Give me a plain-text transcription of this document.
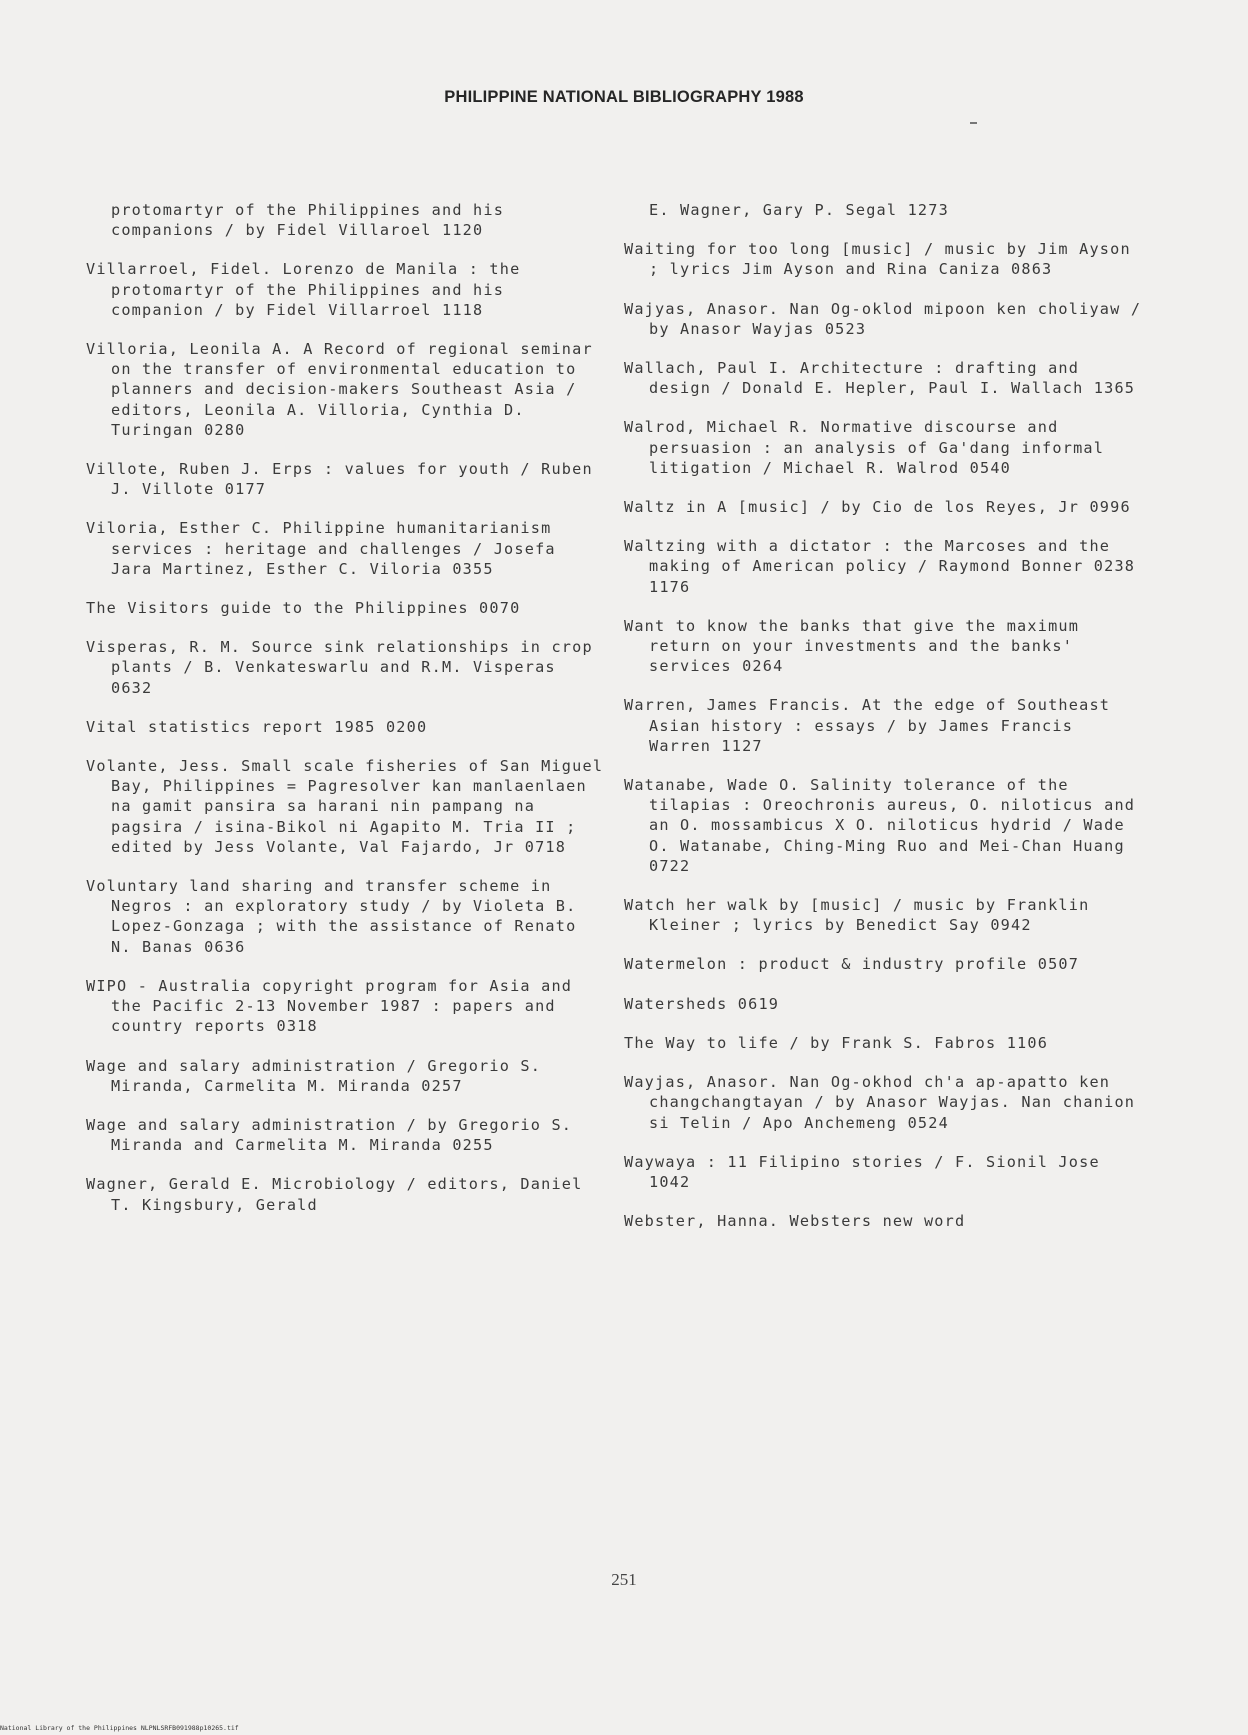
PHILIPPINE NATIONAL BIBLIOGRAPHY 1988
protomartyr of the Philippines and his companions / by Fidel Villaroel 1120
Villarroel, Fidel. Lorenzo de Manila : the protomartyr of the Philippines and his companion / by Fidel Villarroel 1118
Villoria, Leonila A. A Record of regional seminar on the transfer of environmental education to planners and decision-makers Southeast Asia / editors, Leonila A. Villoria, Cynthia D. Turingan 0280
Villote, Ruben J. Erps : values for youth / Ruben J. Villote 0177
Viloria, Esther C. Philippine humanitarianism services : heritage and challenges / Josefa Jara Martinez, Esther C. Viloria 0355
The Visitors guide to the Philippines 0070
Visperas, R. M. Source sink relationships in crop plants / B. Venkateswarlu and R.M. Visperas 0632
Vital statistics report 1985 0200
Volante, Jess. Small scale fisheries of San Miguel Bay, Philippines = Pagresolver kan manlaenlaen na gamit pansira sa harani nin pampang na pagsira / isina-Bikol ni Agapito M. Tria II ; edited by Jess Volante, Val Fajardo, Jr 0718
Voluntary land sharing and transfer scheme in Negros : an exploratory study / by Violeta B. Lopez-Gonzaga ; with the assistance of Renato N. Banas 0636
WIPO - Australia copyright program for Asia and the Pacific 2-13 November 1987 : papers and country reports 0318
Wage and salary administration / Gregorio S. Miranda, Carmelita M. Miranda 0257
Wage and salary administration / by Gregorio S. Miranda and Carmelita M. Miranda 0255
Wagner, Gerald E. Microbiology / editors, Daniel T. Kingsbury, Gerald
E. Wagner, Gary P. Segal 1273
Waiting for too long [music] / music by Jim Ayson ; lyrics Jim Ayson and Rina Caniza 0863
Wajyas, Anasor. Nan Og-oklod mipoon ken choliyaw / by Anasor Wayjas 0523
Wallach, Paul I. Architecture : drafting and design / Donald E. Hepler, Paul I. Wallach 1365
Walrod, Michael R. Normative discourse and persuasion : an analysis of Ga'dang informal litigation / Michael R. Walrod 0540
Waltz in A [music] / by Cio de los Reyes, Jr 0996
Waltzing with a dictator : the Marcoses and the making of American policy / Raymond Bonner 0238 1176
Want to know the banks that give the maximum return on your investments and the banks' services 0264
Warren, James Francis. At the edge of Southeast Asian history : essays / by James Francis Warren 1127
Watanabe, Wade O. Salinity tolerance of the tilapias : Oreochronis aureus, O. niloticus and an O. mossambicus X O. niloticus hydrid / Wade O. Watanabe, Ching-Ming Ruo and Mei-Chan Huang 0722
Watch her walk by [music] / music by Franklin Kleiner ; lyrics by Benedict Say 0942
Watermelon : product & industry profile 0507
Watersheds 0619
The Way to life / by Frank S. Fabros 1106
Wayjas, Anasor. Nan Og-okhod ch'a ap-apatto ken changchangtayan / by Anasor Wayjas. Nan chanion si Telin / Apo Anchemeng 0524
Waywaya : 11 Filipino stories / F. Sionil Jose 1042
Webster, Hanna. Websters new word
251
National Library of the Philippines NLPNLSRFB091988p10265.tif
